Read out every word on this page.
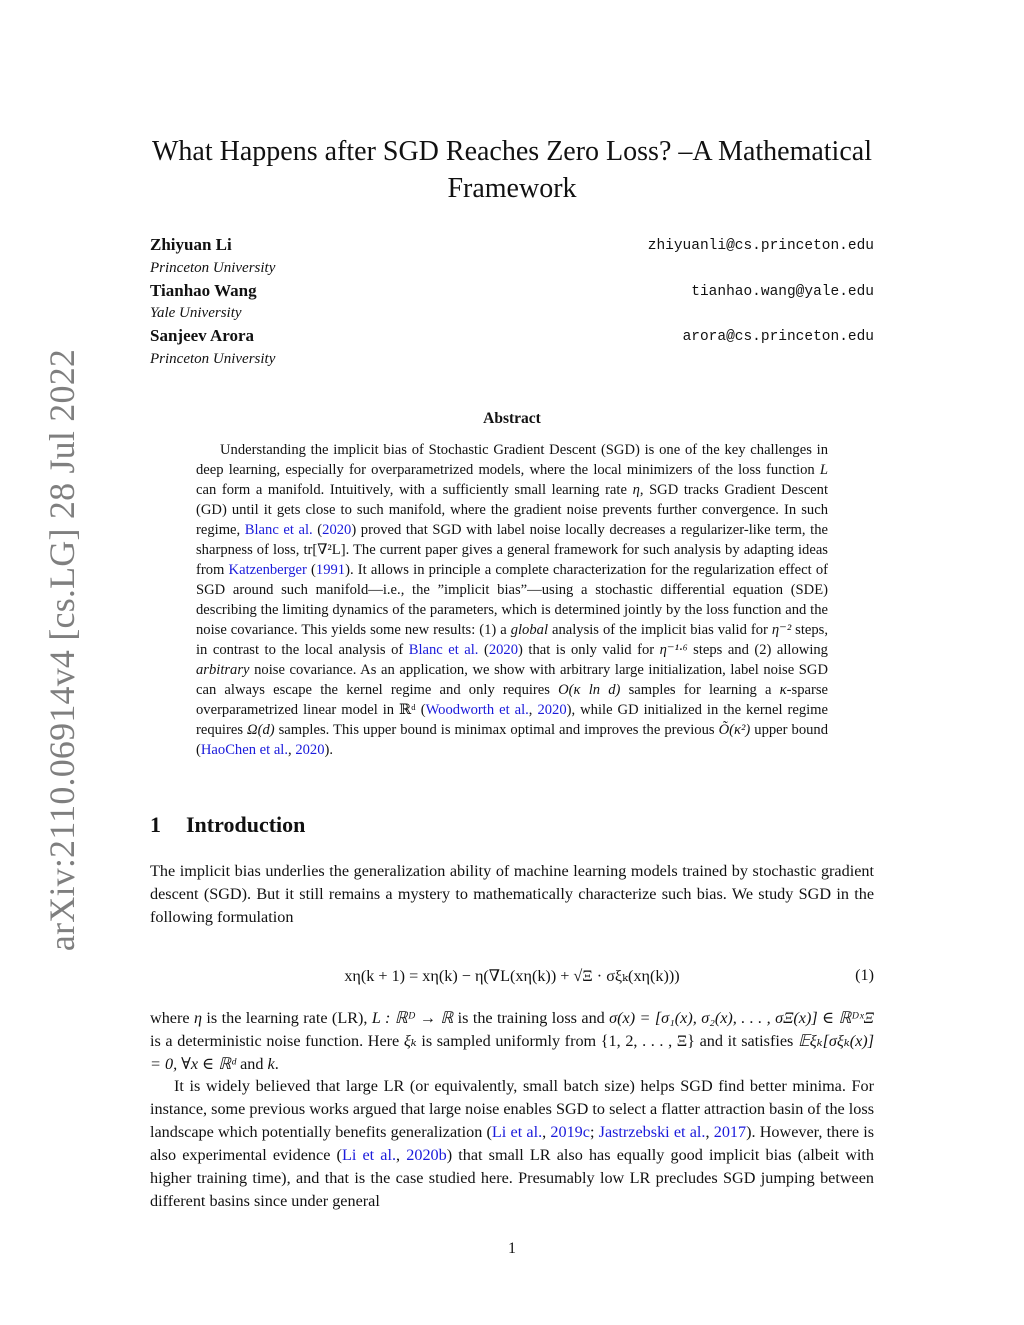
arXiv:2110.06914v4 [cs.LG] 28 Jul 2022
What Happens after SGD Reaches Zero Loss? –A Mathematical Framework
Zhiyuan Li
Princeton University
zhiyuanli@cs.princeton.edu
Tianhao Wang
Yale University
tianhao.wang@yale.edu
Sanjeev Arora
Princeton University
arora@cs.princeton.edu
Abstract
Understanding the implicit bias of Stochastic Gradient Descent (SGD) is one of the key challenges in deep learning, especially for overparametrized models, where the local minimizers of the loss function L can form a manifold. Intuitively, with a sufficiently small learning rate η, SGD tracks Gradient Descent (GD) until it gets close to such manifold, where the gradient noise prevents further convergence. In such regime, Blanc et al. (2020) proved that SGD with label noise locally decreases a regularizer-like term, the sharpness of loss, tr[∇²L]. The current paper gives a general framework for such analysis by adapting ideas from Katzenberger (1991). It allows in principle a complete characterization for the regularization effect of SGD around such manifold—i.e., the ”implicit bias”—using a stochastic differential equation (SDE) describing the limiting dynamics of the parameters, which is determined jointly by the loss function and the noise covariance. This yields some new results: (1) a global analysis of the implicit bias valid for η⁻² steps, in contrast to the local analysis of Blanc et al. (2020) that is only valid for η⁻¹·⁶ steps and (2) allowing arbitrary noise covariance. As an application, we show with arbitrary large initialization, label noise SGD can always escape the kernel regime and only requires O(κ ln d) samples for learning a κ-sparse overparametrized linear model in ℝᵈ (Woodworth et al., 2020), while GD initialized in the kernel regime requires Ω(d) samples. This upper bound is minimax optimal and improves the previous Õ(κ²) upper bound (HaoChen et al., 2020).
1 Introduction
The implicit bias underlies the generalization ability of machine learning models trained by stochastic gradient descent (SGD). But it still remains a mystery to mathematically characterize such bias. We study SGD in the following formulation
xη(k + 1) = xη(k) − η(∇L(xη(k)) + √Ξ · σξₖ(xη(k)))	(1)
where η is the learning rate (LR), L : ℝᴰ → ℝ is the training loss and σ(x) = [σ₁(x), σ₂(x), . . . , σΞ(x)] ∈ ℝᴰˣΞ is a deterministic noise function. Here ξₖ is sampled uniformly from {1, 2, . . . , Ξ} and it satisfies 𝔼ξₖ[σξₖ(x)] = 0, ∀x ∈ ℝᵈ and k.
It is widely believed that large LR (or equivalently, small batch size) helps SGD find better minima. For instance, some previous works argued that large noise enables SGD to select a flatter attraction basin of the loss landscape which potentially benefits generalization (Li et al., 2019c; Jastrzebski et al., 2017). However, there is also experimental evidence (Li et al., 2020b) that small LR also has equally good implicit bias (albeit with higher training time), and that is the case studied here. Presumably low LR precludes SGD jumping between different basins since under general
1
